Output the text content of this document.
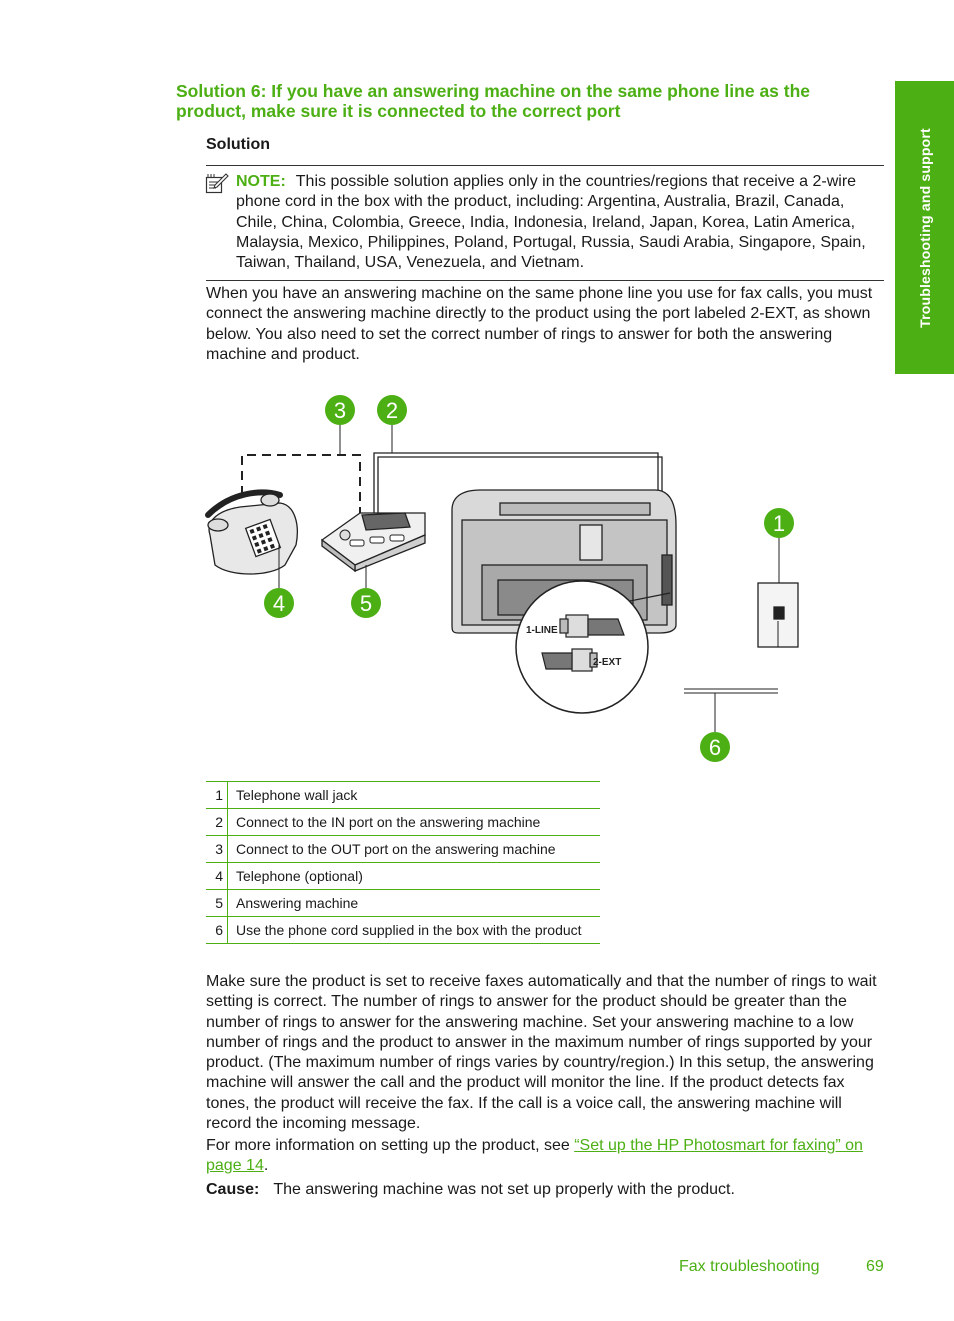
Troubleshooting and support
Solution 6: If you have an answering machine on the same phone line as the product, make sure it is connected to the correct port
Solution
NOTE: This possible solution applies only in the countries/regions that receive a 2-wire phone cord in the box with the product, including: Argentina, Australia, Brazil, Canada, Chile, China, Colombia, Greece, India, Indonesia, Ireland, Japan, Korea, Latin America, Malaysia, Mexico, Philippines, Poland, Portugal, Russia, Saudi Arabia, Singapore, Spain, Taiwan, Thailand, USA, Venezuela, and Vietnam.
When you have an answering machine on the same phone line you use for fax calls, you must connect the answering machine directly to the product using the port labeled 2-EXT, as shown below. You also need to set the correct number of rings to answer for both the answering machine and product.
1-LINE
2-EXT
3 2
1
4	5
6
1	Telephone wall jack
2	Connect to the IN port on the answering machine
3	Connect to the OUT port on the answering machine
4	Telephone (optional)
5	Answering machine
6	Use the phone cord supplied in the box with the product
Make sure the product is set to receive faxes automatically and that the number of rings to wait setting is correct. The number of rings to answer for the product should be greater than the number of rings to answer for the answering machine. Set your answering machine to a low number of rings and the product to answer in the maximum number of rings supported by your product. (The maximum number of rings varies by country/region.) In this setup, the answering machine will answer the call and the product will monitor the line. If the product detects fax tones, the product will receive the fax. If the call is a voice call, the answering machine will record the incoming message.
For more information on setting up the product, see “Set up the HP Photosmart for faxing” on page 14.
Cause: The answering machine was not set up properly with the product.
Fax troubleshooting	69
